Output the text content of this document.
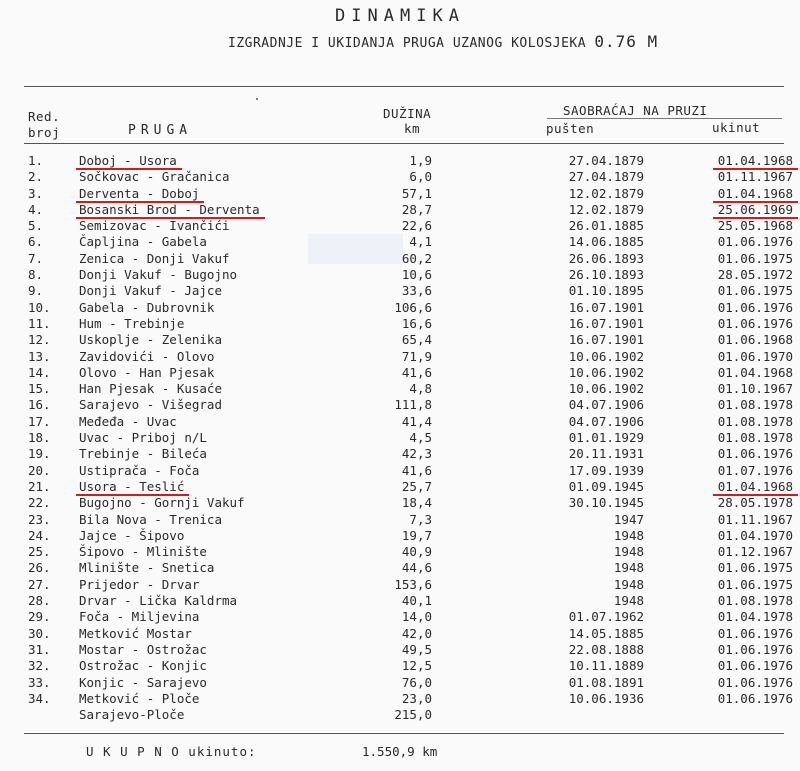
DINAMIKA
IZGRADNJE I UKIDANJA PRUGA UZANOG KOLOSJEKA 0.76 M
Red.
broj	PRUGA
DUŽINA
km
SAOBRAĆAJ NA PRUZI
pušten	ukinut
1.	Doboj - Usora	1,9	27.04.1879	01.04.1968
2.	Sočkovac - Gračanica	6,0	27.04.1879	01.11.1967
3.	Derventa - Doboj	57,1	12.02.1879	01.04.1968
4.	Bosanski Brod - Derventa	28,7	12.02.1879	25.06.1969
5.	Semizovac - Ivančići	22,6	26.01.1885	25.05.1968
6.	Čapljina - Gabela	4,1	14.06.1885	01.06.1976
7.	Zenica - Donji Vakuf	60,2	26.06.1893	01.06.1975
8.	Donji Vakuf - Bugojno	10,6	26.10.1893	28.05.1972
9.	Donji Vakuf - Jajce	33,6	01.10.1895	01.06.1975
10. Gabela - Dubrovnik	106,6	16.07.1901	01.06.1976
11. Hum - Trebinje	16,6	16.07.1901	01.06.1976
12. Uskoplje - Zelenika	65,4	16.07.1901	01.06.1968
13. Zavidovići - Olovo	71,9	10.06.1902	01.06.1970
14. Olovo - Han Pjesak	41,6	10.06.1902	01.04.1968
15. Han Pjesak - Kusaće	4,8	10.06.1902	01.10.1967
16. Sarajevo - Višegrad	111,8	04.07.1906	01.08.1978
17. Međeđa - Uvac	41,4	04.07.1906	01.08.1978
18. Uvac - Priboj n/L	4,5	01.01.1929	01.08.1978
19. Trebinje - Bileća	42,3	20.11.1931	01.06.1976
20. Ustiprača - Foča	41,6	17.09.1939	01.07.1976
21. Usora - Teslić	25,7	01.09.1945	01.04.1968
22. Bugojno - Gornji Vakuf	18,4	30.10.1945	28.05.1978
23. Bila Nova - Trenica	7,3	1947	01.11.1967
24. Jajce - Šipovo	19,7	1948	01.04.1970
25. Šipovo - Mlinište	40,9	1948	01.12.1967
26. Mlinište - Snetica	44,6	1948	01.06.1975
27. Prijedor - Drvar	153,6	1948	01.06.1975
28. Drvar - Lička Kaldrma	40,1	1948	01.08.1978
29. Foča - Miljevina	14,0	01.07.1962	01.04.1978
30. Metković Mostar	42,0	14.05.1885	01.06.1976
31. Mostar - Ostrožac	49,5	22.08.1888	01.06.1976
32. Ostrožac - Konjic	12,5	10.11.1889	01.06.1976
33. Konjic - Sarajevo	76,0	01.08.1891	01.06.1976
34. Metković - Ploče	23,0	10.06.1936	01.06.1976
Sarajevo-Ploče	215,0
U K U P N O ukinuto:	1.550,9 km
